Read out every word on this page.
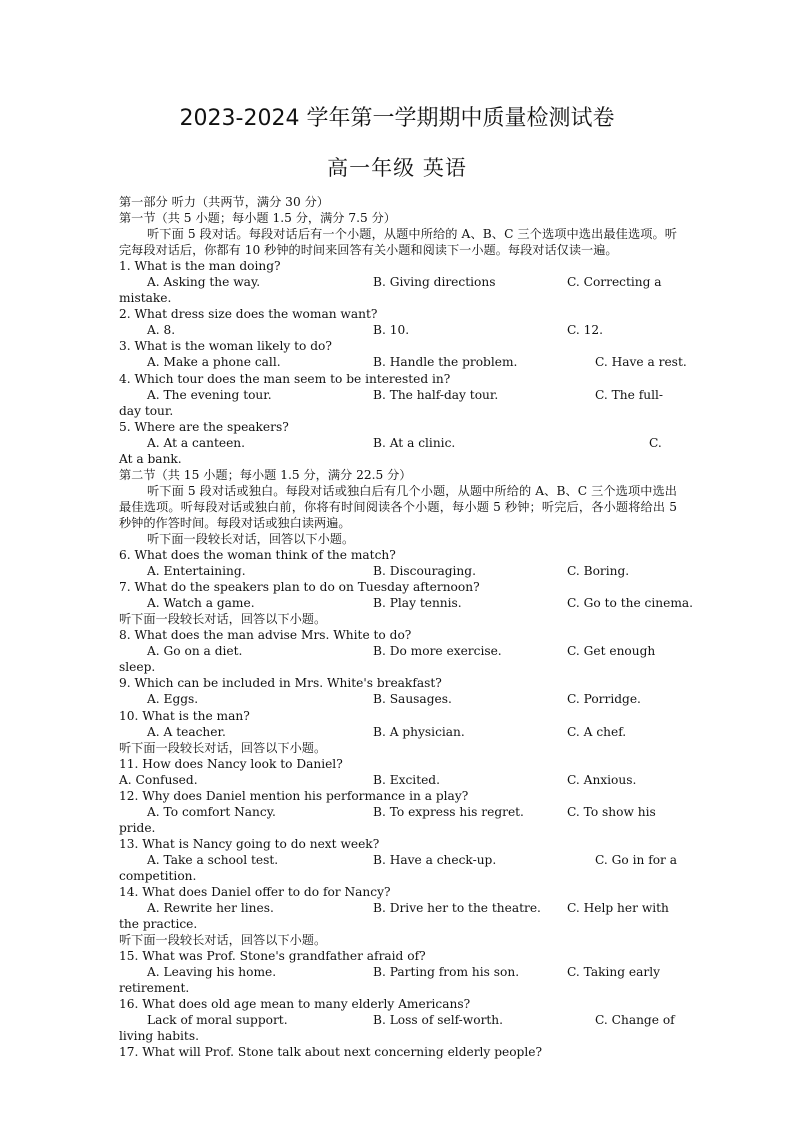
2023-2024 学年第一学期期中质量检测试卷
高一年级 英语
第一部分 听力（共两节，满分 30 分）
第一节（共 5 小题；每小题 1.5 分，满分 7.5 分）
听下面 5 段对话。每段对话后有一个小题，从题中所给的 A、B、C 三个选项中选出最佳选项。听完每段对话后，你都有 10 秒钟的时间来回答有关小题和阅读下一小题。每段对话仅读一遍。
1. What is the man doing?
A. Asking the way.	B. Giving directions	C. Correcting a
mistake.
2. What dress size does the woman want?
A. 8.	B. 10.	C. 12.
3. What is the woman likely to do?
A. Make a phone call.	B. Handle the problem.	C. Have a rest.
4. Which tour does the man seem to be interested in?
A. The evening tour.	B. The half-day tour.	C. The full-
day tour.
5. Where are the speakers?
A. At a canteen.	B. At a clinic.	C.
At a bank.
第二节（共 15 小题；每小题 1.5 分，满分 22.5 分）
听下面 5 段对话或独白。每段对话或独白后有几个小题，从题中所给的 A、B、C 三个选项中选出最佳选项。听每段对话或独白前，你将有时间阅读各个小题，每小题 5 秒钟；听完后，各小题将给出 5 秒钟的作答时间。每段对话或独白读两遍。
听下面一段较长对话，回答以下小题。
6. What does the woman think of the match?
A. Entertaining.	B. Discouraging.	C. Boring.
7. What do the speakers plan to do on Tuesday afternoon?
A. Watch a game.	B. Play tennis.	C. Go to the cinema.
听下面一段较长对话，回答以下小题。
8. What does the man advise Mrs. White to do?
A. Go on a diet.	B. Do more exercise.	C. Get enough
sleep.
9. Which can be included in Mrs. White's breakfast?
A. Eggs.	B. Sausages.	C. Porridge.
10. What is the man?
A. A teacher.	B. A physician.	C. A chef.
听下面一段较长对话，回答以下小题。
11. How does Nancy look to Daniel?
A. Confused.	B. Excited.	C. Anxious.
12. Why does Daniel mention his performance in a play?
A. To comfort Nancy.	B. To express his regret.	C. To show his
pride.
13. What is Nancy going to do next week?
A. Take a school test.	B. Have a check-up.	C. Go in for a
competition.
14. What does Daniel offer to do for Nancy?
A. Rewrite her lines.	B. Drive her to the theatre. C. Help her with
the practice.
听下面一段较长对话，回答以下小题。
15. What was Prof. Stone's grandfather afraid of?
A. Leaving his home.	B. Parting from his son.	C. Taking early
retirement.
16. What does old age mean to many elderly Americans?
Lack of moral support.	B. Loss of self-worth.	C. Change of
living habits.
17. What will Prof. Stone talk about next concerning elderly people?
